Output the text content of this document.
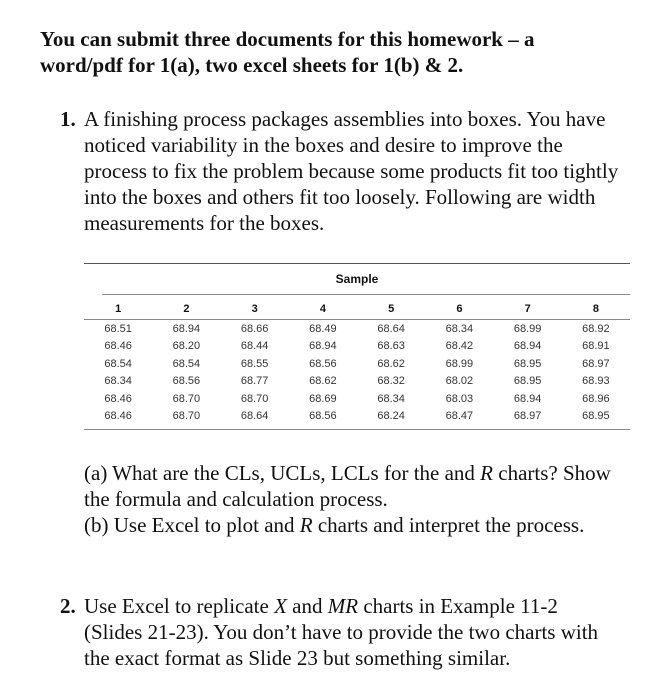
You can submit three documents for this homework – a
word/pdf for 1(a), two excel sheets for 1(b) & 2.
1. A finishing process packages assemblies into boxes. You have noticed variability in the boxes and desire to improve the process to fix the problem because some products fit too tightly into the boxes and others fit too loosely. Following are width measurements for the boxes.
Sample
1	2	3	4	5	6	7	8
68.51	68.94	68.66	68.49	68.64	68.34	68.99	68.92
68.46	68.20	68.44	68.94	68.63	68.42	68.94	68.91
68.54	68.54	68.55	68.56	68.62	68.99	68.95	68.97
68.34	68.56	68.77	68.62	68.32	68.02	68.95	68.93
68.46	68.70	68.70	68.69	68.34	68.03	68.94	68.96
68.46	68.70	68.64	68.56	68.24	68.47	68.97	68.95

(a) What are the CLs, UCLs, LCLs for the and R charts? Show the formula and calculation process.

(b) Use Excel to plot and R charts and interpret the process.

2. Use Excel to replicate X and MR charts in Example 11-2 (Slides 21-23). You don’t have to provide the two charts with the exact format as Slide 23 but something similar.
